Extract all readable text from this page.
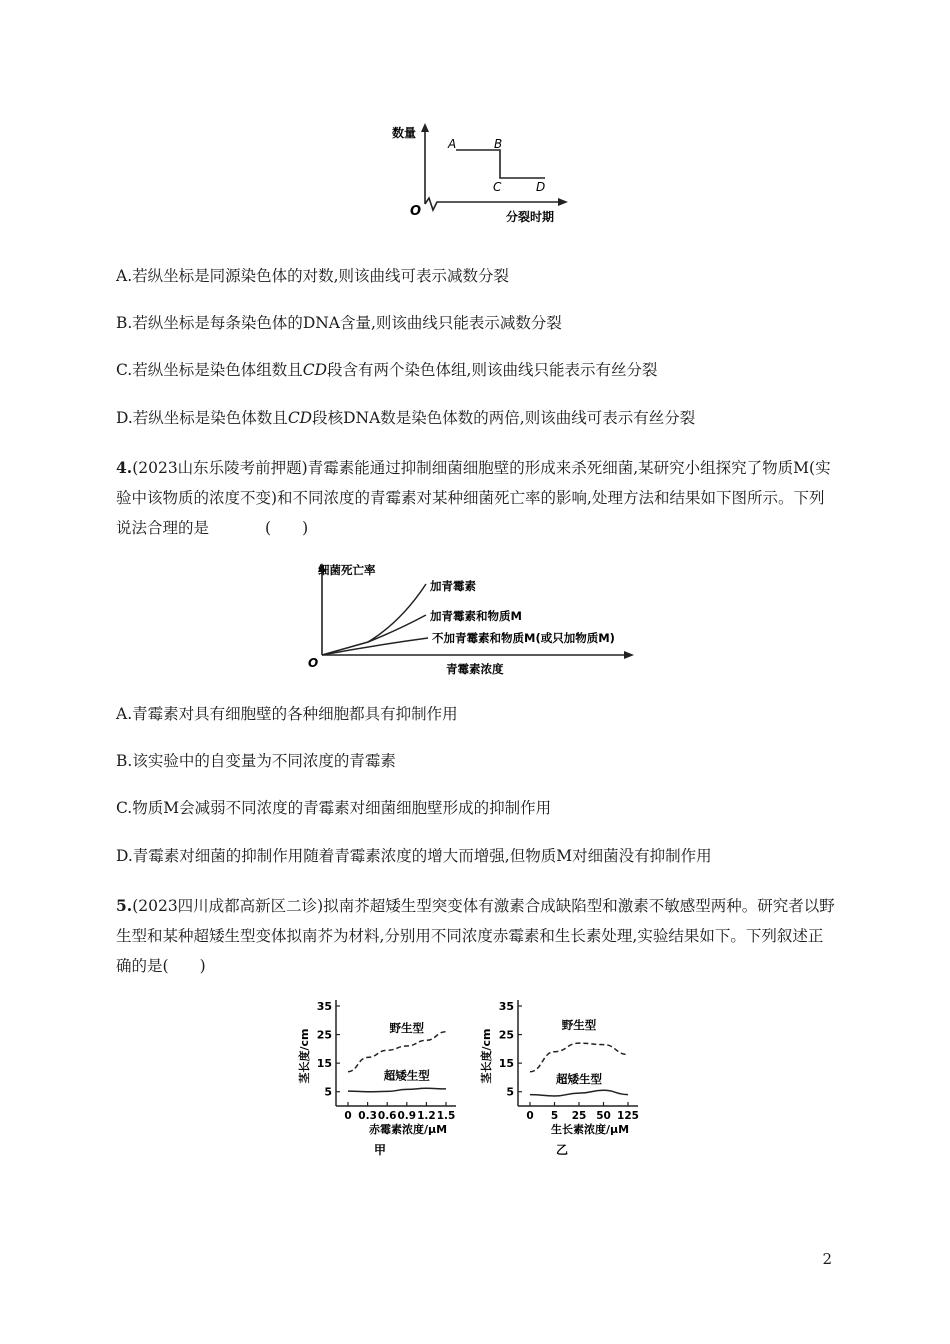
数量
O
A	B
C	D
分裂时期
A.若纵坐标是同源染色体的对数,则该曲线可表示减数分裂
B.若纵坐标是每条染色体的DNA含量,则该曲线只能表示减数分裂
C.若纵坐标是染色体组数且CD段含有两个染色体组,则该曲线只能表示有丝分裂
D.若纵坐标是染色体数且CD段核DNA数是染色体数的两倍,则该曲线可表示有丝分裂
4.(2023山东乐陵考前押题)青霉素能通过抑制细菌细胞壁的形成来杀死细菌,某研究小组探究了物质M(实验中该物质的浓度不变)和不同浓度的青霉素对某种细菌死亡率的影响,处理方法和结果如下图所示。下列说法合理的是	(　　)
细菌死亡率
O
加青霉素
加青霉素和物质M
不加青霉素和物质M(或只加物质M)
青霉素浓度
A.青霉素对具有细胞壁的各种细胞都具有抑制作用
B.该实验中的自变量为不同浓度的青霉素
C.物质M会减弱不同浓度的青霉素对细菌细胞壁形成的抑制作用
D.青霉素对细菌的抑制作用随着青霉素浓度的增大而增强,但物质M对细菌没有抑制作用
5.(2023四川成都高新区二诊)拟南芥超矮生型突变体有激素合成缺陷型和激素不敏感型两种。研究者以野生型和某种超矮生型变体拟南芥为材料,分别用不同浓度赤霉素和生长素处理,实验结果如下。下列叙述正确的是(　　)
5
15
25
35
0 0.3 0.6 0.9 1.2 1.5
野生型
超矮生型
茎长度/cm
赤霉素浓度/μM
甲
5
15
25
35
0 5 25 50 125
野生型
超矮生型
茎长度/cm
生长素浓度/μM
乙
2
